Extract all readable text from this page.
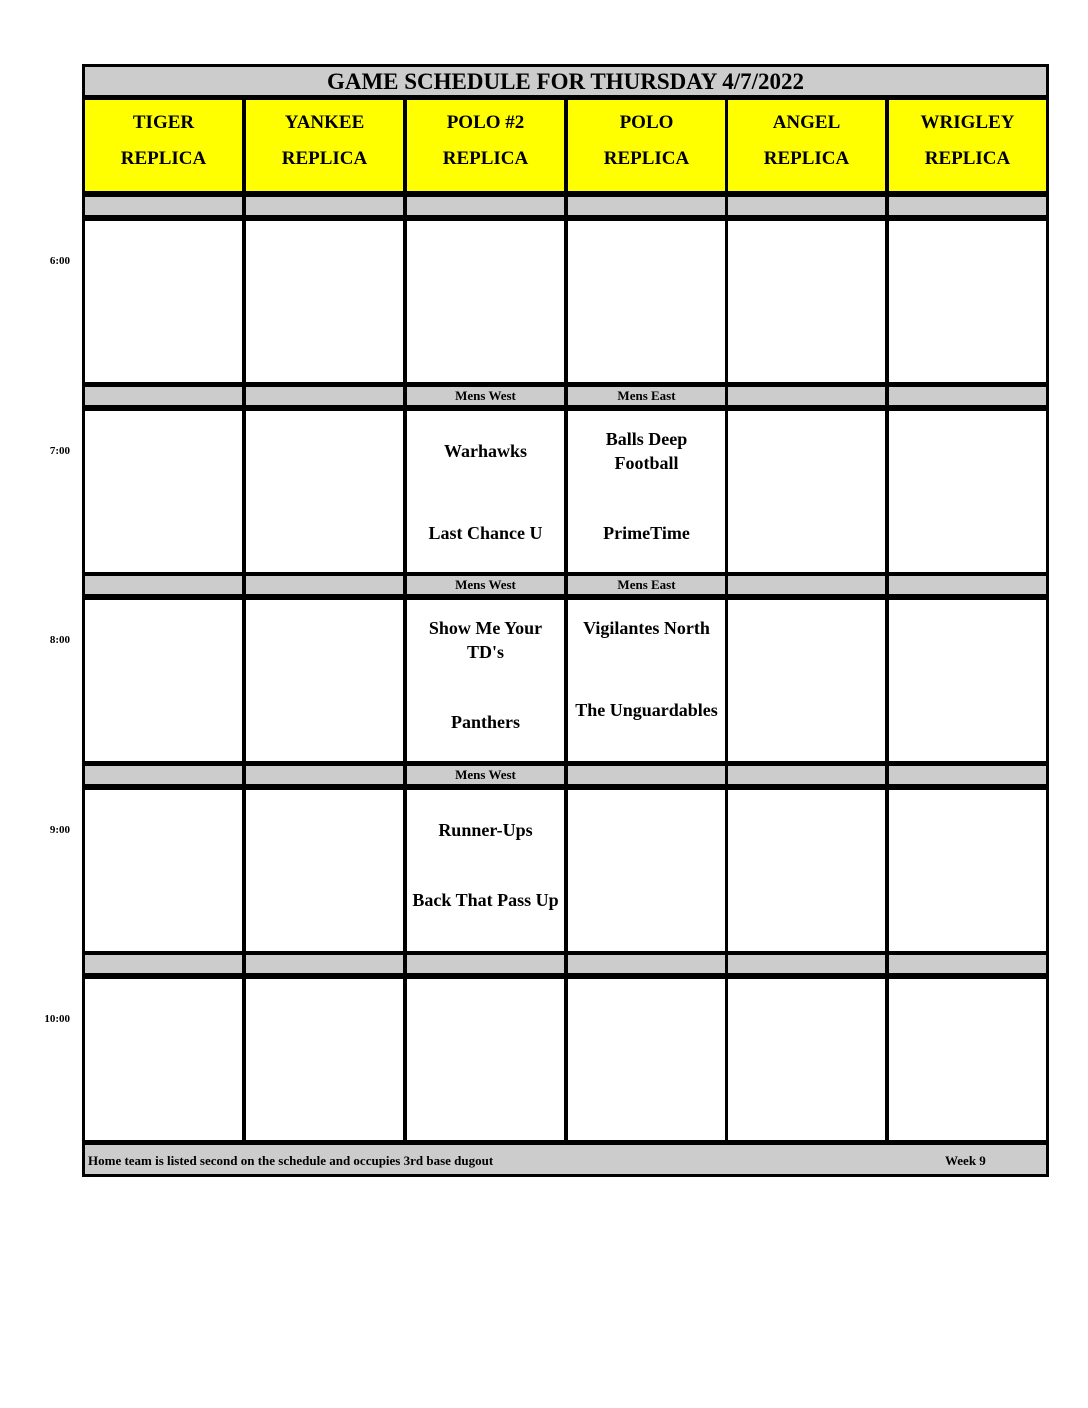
GAME SCHEDULE FOR THURSDAY 4/7/2022
TIGER
REPLICA
YANKEE
REPLICA
POLO #2
REPLICA
POLO
REPLICA
ANGEL
REPLICA
WRIGLEY
REPLICA
6:00
7:00
Mens West
Warhawks
Last Chance U
Mens East
Balls Deep Football
PrimeTime
8:00
Mens West
Show Me Your TD's
Panthers
Mens East
Vigilantes North
The Unguardables
9:00
Mens West
Runner-Ups
Back That Pass Up
10:00
Home team is listed second on the schedule and occupies 3rd base dugout	Week 9
